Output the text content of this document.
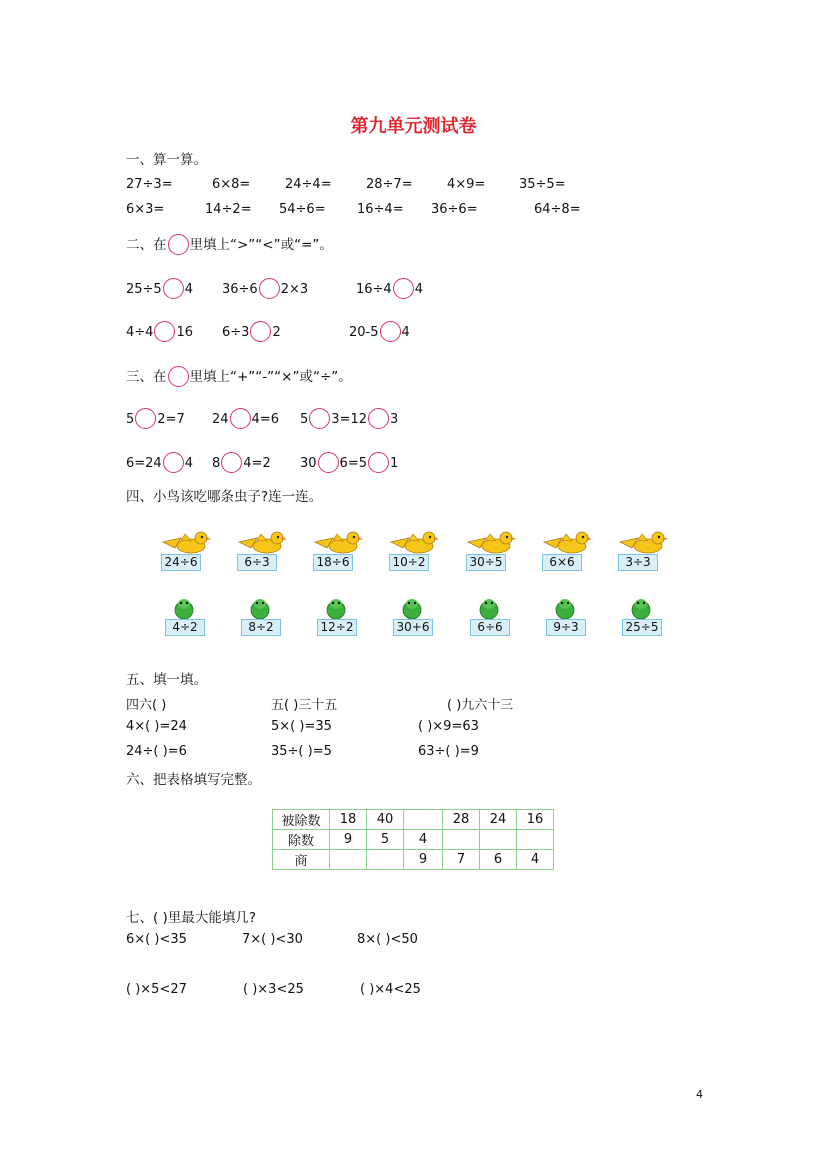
第九单元测试卷
一、算一算。
27÷3=	6×8=	24÷4=	28÷7=	4×9=	35÷5=
6×3=	14÷2= 54÷6= 16÷4= 36÷6=	64÷8=
二、在 里填上“>”“<”或“=”。
25÷5 4 36÷6 2×3	16÷4 4
4÷4 16 6÷3 2	20-5 4
三、在 里填上“+”“-”“×”或“÷”。
5 2=7 24 4=6 5 3=12 3
6=24 4 8 4=2 30 6=5 1
四、小鸟该吃哪条虫子?连一连。
24÷6	6÷3	18÷6	10÷2	30÷5	6×6	3÷3
4÷2	8÷2	12÷2	30+6	6÷6	9÷3	25÷5
五、填一填。
四六( )	五( )三十五	( )九六十三
4×( )=24	5×( )=35	( )×9=63
24÷( )=6	35÷( )=5	63÷( )=9
六、把表格填写完整。
被除数	18	40		28	24	16
除数	9	5	4			
商			9	7	6	4
七、( )里最大能填几?
6×( )<35	7×( )<30	8×( )<50
( )×5<27	( )×3<25	( )×4<25
4
